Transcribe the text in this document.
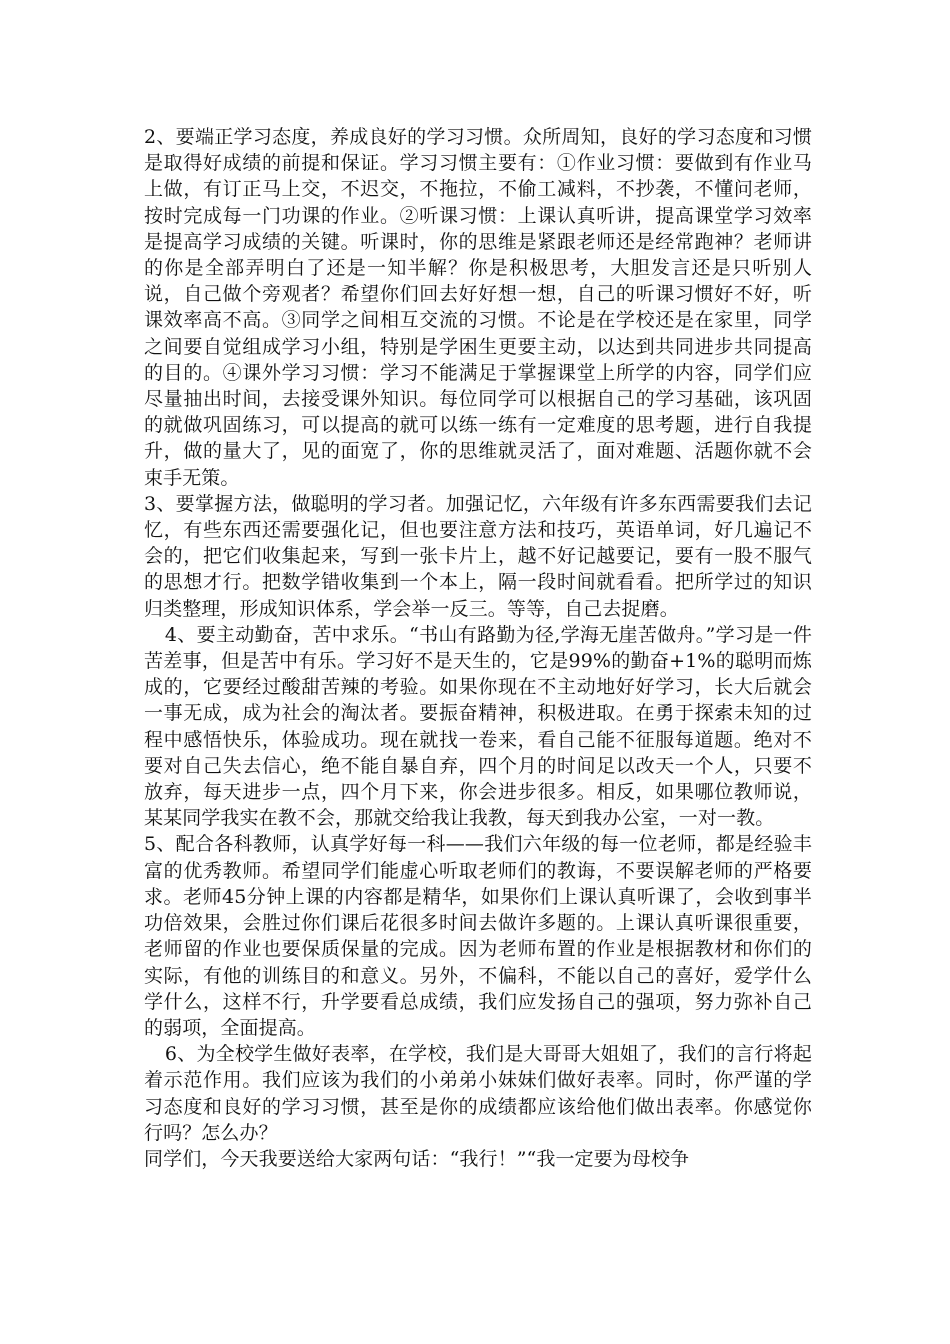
2、要端正学习态度，养成良好的学习习惯。众所周知，良好的学习态度和习惯是取得好成绩的前提和保证。学习习惯主要有：①作业习惯：要做到有作业马上做，有订正马上交，不迟交，不拖拉，不偷工减料，不抄袭，不懂问老师，按时完成每一门功课的作业。②听课习惯：上课认真听讲，提高课堂学习效率是提高学习成绩的关键。听课时，你的思维是紧跟老师还是经常跑神？老师讲的你是全部弄明白了还是一知半解？你是积极思考，大胆发言还是只听别人说，自己做个旁观者？希望你们回去好好想一想，自己的听课习惯好不好，听课效率高不高。③同学之间相互交流的习惯。不论是在学校还是在家里，同学之间要自觉组成学习小组，特别是学困生更要主动，以达到共同进步共同提高的目的。④课外学习习惯：学习不能满足于掌握课堂上所学的内容，同学们应尽量抽出时间，去接受课外知识。每位同学可以根据自己的学习基础，该巩固的就做巩固练习，可以提高的就可以练一练有一定难度的思考题，进行自我提升，做的量大了，见的面宽了，你的思维就灵活了，面对难题、活题你就不会束手无策。

3、要掌握方法，做聪明的学习者。加强记忆，六年级有许多东西需要我们去记忆，有些东西还需要强化记，但也要注意方法和技巧，英语单词，好几遍记不会的，把它们收集起来，写到一张卡片上，越不好记越要记，要有一股不服气的思想才行。把数学错收集到一个本上，隔一段时间就看看。把所学过的知识归类整理，形成知识体系，学会举一反三。等等，自己去捉磨。

4、要主动勤奋，苦中求乐。“书山有路勤为径,学海无崖苦做舟。”学习是一件苦差事，但是苦中有乐。学习好不是天生的，它是99%的勤奋+1%的聪明而炼成的，它要经过酸甜苦辣的考验。如果你现在不主动地好好学习，长大后就会一事无成，成为社会的淘汰者。要振奋精神，积极进取。在勇于探索未知的过程中感悟快乐，体验成功。现在就找一卷来，看自己能不征服每道题。绝对不要对自己失去信心，绝不能自暴自弃，四个月的时间足以改天一个人，只要不放弃，每天进步一点，四个月下来，你会进步很多。相反，如果哪位教师说，某某同学我实在教不会，那就交给我让我教，每天到我办公室，一对一教。

5、配合各科教师，认真学好每一科——我们六年级的每一位老师，都是经验丰富的优秀教师。希望同学们能虚心听取老师们的教诲，不要误解老师的严格要求。老师45分钟上课的内容都是精华，如果你们上课认真听课了，会收到事半功倍效果，会胜过你们课后花很多时间去做许多题的。上课认真听课很重要，老师留的作业也要保质保量的完成。因为老师布置的作业是根据教材和你们的实际，有他的训练目的和意义。另外，不偏科，不能以自己的喜好，爱学什么学什么，这样不行，升学要看总成绩，我们应发扬自己的强项，努力弥补自己的弱项，全面提高。

6、为全校学生做好表率，在学校，我们是大哥哥大姐姐了，我们的言行将起着示范作用。我们应该为我们的小弟弟小妹妹们做好表率。同时，你严谨的学习态度和良好的学习习惯，甚至是你的成绩都应该给他们做出表率。你感觉你行吗？怎么办？

同学们，今天我要送给大家两句话：“我行！”“我一定要为母校争
